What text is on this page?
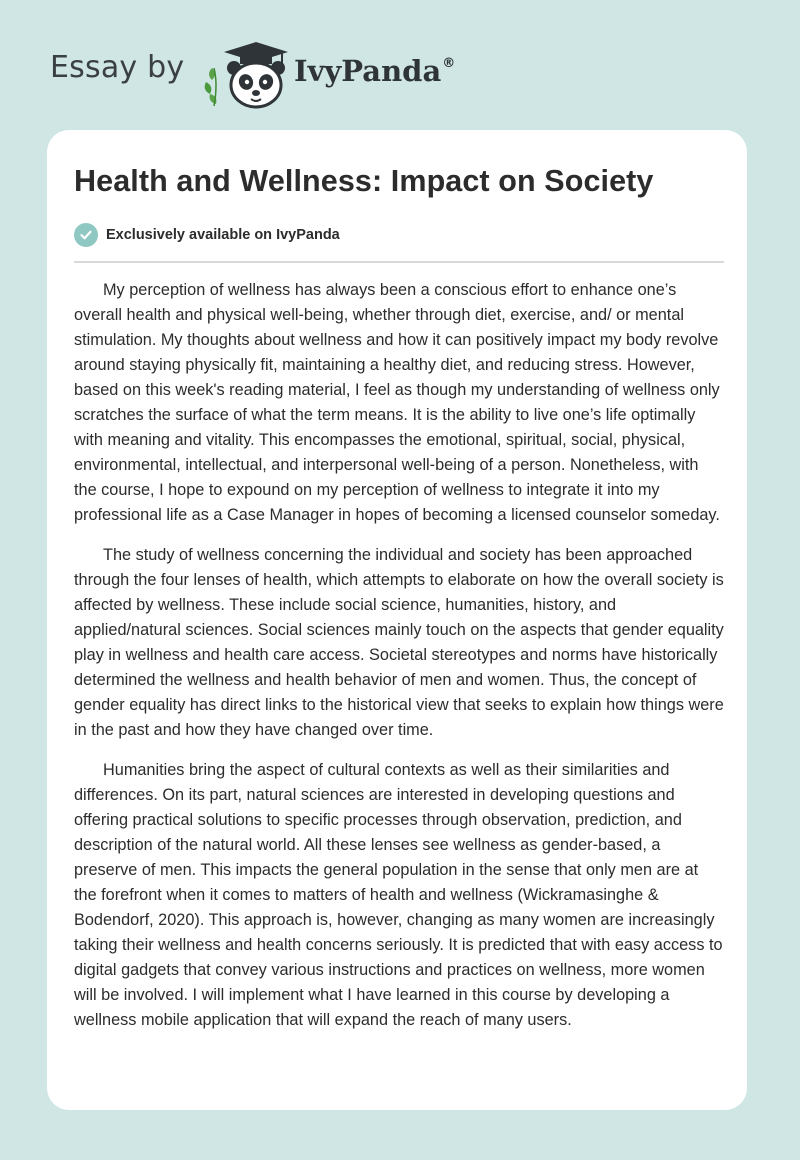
Essay by	IvyPanda®
Health and Wellness: Impact on Society
Exclusively available on IvyPanda

My perception of wellness has always been a conscious effort to enhance one’s overall health and physical well-being, whether through diet, exercise, and/ or mental stimulation. My thoughts about wellness and how it can positively impact my body revolve around staying physically fit, maintaining a healthy diet, and reducing stress. However, based on this week's reading material, I feel as though my understanding of wellness only scratches the surface of what the term means. It is the ability to live one’s life optimally with meaning and vitality. This encompasses the emotional, spiritual, social, physical, environmental, intellectual, and interpersonal well-being of a person. Nonetheless, with the course, I hope to expound on my perception of wellness to integrate it into my professional life as a Case Manager in hopes of becoming a licensed counselor someday.

The study of wellness concerning the individual and society has been approached through the four lenses of health, which attempts to elaborate on how the overall society is affected by wellness. These include social science, humanities, history, and applied/natural sciences. Social sciences mainly touch on the aspects that gender equality play in wellness and health care access. Societal stereotypes and norms have historically determined the wellness and health behavior of men and women. Thus, the concept of gender equality has direct links to the historical view that seeks to explain how things were in the past and how they have changed over time.

Humanities bring the aspect of cultural contexts as well as their similarities and differences. On its part, natural sciences are interested in developing questions and offering practical solutions to specific processes through observation, prediction, and description of the natural world. All these lenses see wellness as gender-based, a preserve of men. This impacts the general population in the sense that only men are at the forefront when it comes to matters of health and wellness (Wickramasinghe & Bodendorf, 2020). This approach is, however, changing as many women are increasingly taking their wellness and health concerns seriously. It is predicted that with easy access to digital gadgets that convey various instructions and practices on wellness, more women will be involved. I will implement what I have learned in this course by developing a wellness mobile application that will expand the reach of many users.
